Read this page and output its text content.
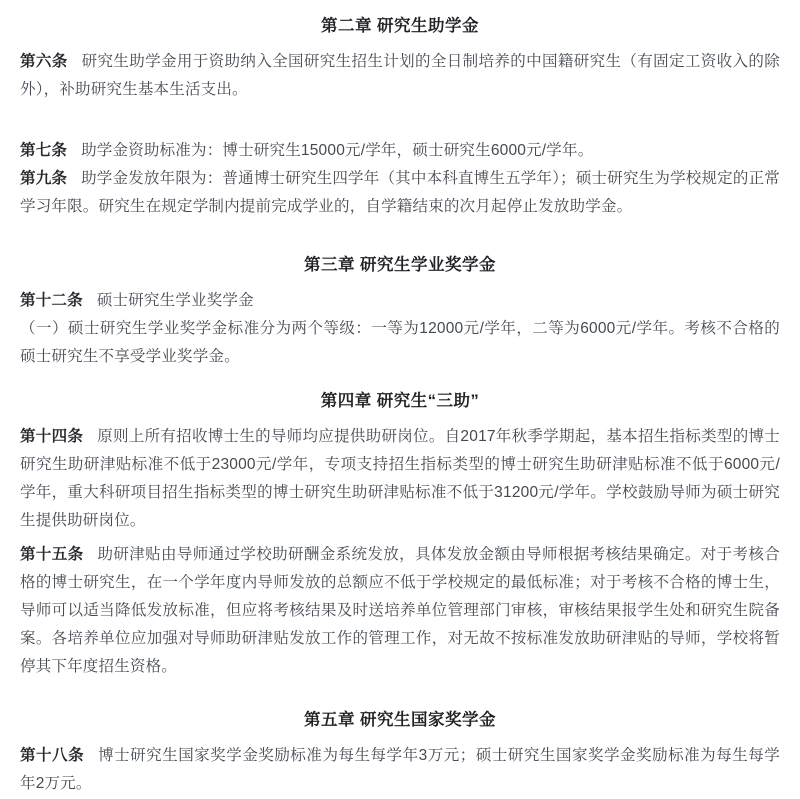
第二章 研究生助学金

第六条 研究生助学金用于资助纳入全国研究生招生计划的全日制培养的中国籍研究生（有固定工资收入的除外），补助研究生基本生活支出。

第七条 助学金资助标准为：博士研究生15000元/学年，硕士研究生6000元/学年。

第九条 助学金发放年限为：普通博士研究生四学年（其中本科直博生五学年）；硕士研究生为学校规定的正常学习年限。研究生在规定学制内提前完成学业的，自学籍结束的次月起停止发放助学金。

第三章 研究生学业奖学金

第十二条 硕士研究生学业奖学金

（一）硕士研究生学业奖学金标准分为两个等级：一等为12000元/学年，二等为6000元/学年。考核不合格的硕士研究生不享受学业奖学金。

第四章 研究生“三助”

第十四条 原则上所有招收博士生的导师均应提供助研岗位。自2017年秋季学期起，基本招生指标类型的博士研究生助研津贴标准不低于23000元/学年，专项支持招生指标类型的博士研究生助研津贴标准不低于6000元/学年，重大科研项目招生指标类型的博士研究生助研津贴标准不低于31200元/学年。学校鼓励导师为硕士研究生提供助研岗位。

第十五条 助研津贴由导师通过学校助研酬金系统发放，具体发放金额由导师根据考核结果确定。对于考核合格的博士研究生，在一个学年度内导师发放的总额应不低于学校规定的最低标准；对于考核不合格的博士生，导师可以适当降低发放标准，但应将考核结果及时送培养单位管理部门审核，审核结果报学生处和研究生院备案。各培养单位应加强对导师助研津贴发放工作的管理工作，对无故不按标准发放助研津贴的导师，学校将暂停其下年度招生资格。

第五章 研究生国家奖学金

第十八条 博士研究生国家奖学金奖励标准为每生每学年3万元；硕士研究生国家奖学金奖励标准为每生每学年2万元。
